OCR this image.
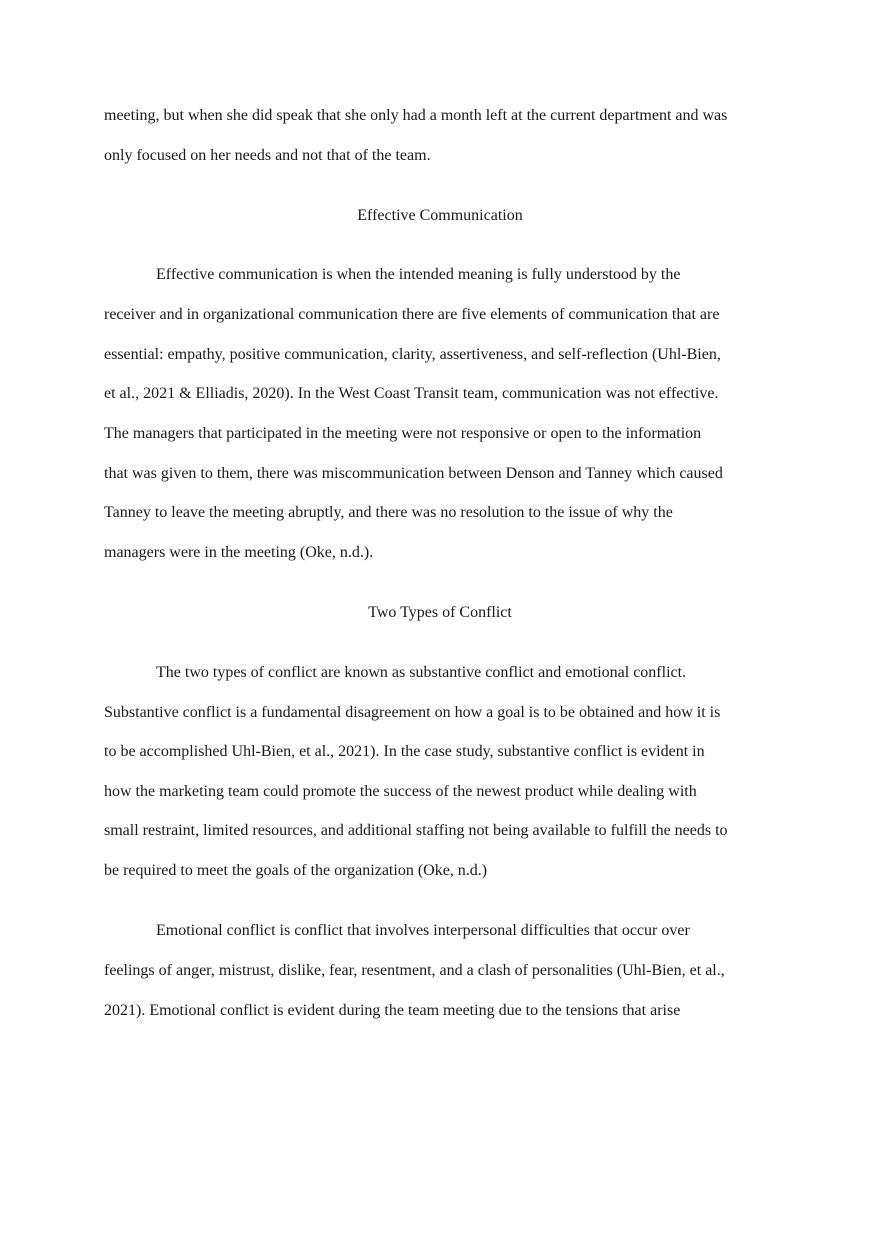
meeting, but when she did speak that she only had a month left at the current department and was
only focused on her needs and not that of the team.
Effective Communication
Effective communication is when the intended meaning is fully understood by the
receiver and in organizational communication there are five elements of communication that are
essential: empathy, positive communication, clarity, assertiveness, and self-reflection (Uhl-Bien,
et al., 2021 & Elliadis, 2020). In the West Coast Transit team, communication was not effective.
The managers that participated in the meeting were not responsive or open to the information
that was given to them, there was miscommunication between Denson and Tanney which caused
Tanney to leave the meeting abruptly, and there was no resolution to the issue of why the
managers were in the meeting (Oke, n.d.).
Two Types of Conflict
The two types of conflict are known as substantive conflict and emotional conflict.
Substantive conflict is a fundamental disagreement on how a goal is to be obtained and how it is
to be accomplished Uhl-Bien, et al., 2021). In the case study, substantive conflict is evident in
how the marketing team could promote the success of the newest product while dealing with
small restraint, limited resources, and additional staffing not being available to fulfill the needs to
be required to meet the goals of the organization (Oke, n.d.)
Emotional conflict is conflict that involves interpersonal difficulties that occur over
feelings of anger, mistrust, dislike, fear, resentment, and a clash of personalities (Uhl-Bien, et al.,
2021). Emotional conflict is evident during the team meeting due to the tensions that arise
